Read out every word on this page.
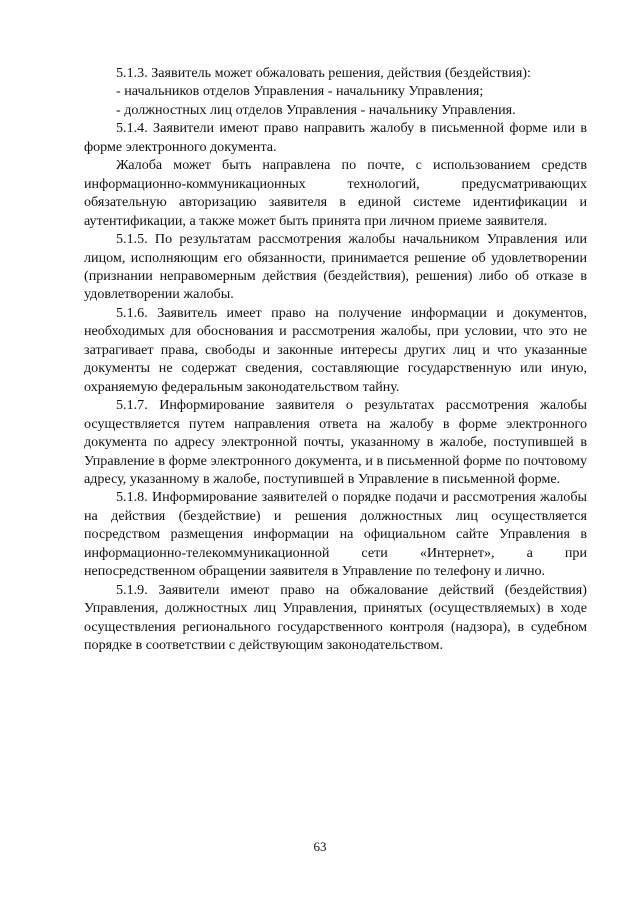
5.1.3. Заявитель может обжаловать решения, действия (бездействия):

- начальников отделов Управления - начальнику Управления;

- должностных лиц отделов Управления - начальнику Управления.

5.1.4. Заявители имеют право направить жалобу в письменной форме или в форме электронного документа.

Жалоба может быть направлена по почте, с использованием средств информационно-коммуникационных технологий, предусматривающих обязательную авторизацию заявителя в единой системе идентификации и аутентификации, а также может быть принята при личном приеме заявителя.

5.1.5. По результатам рассмотрения жалобы начальником Управления или лицом, исполняющим его обязанности, принимается решение об удовлетворении (признании неправомерным действия (бездействия), решения) либо об отказе в удовлетворении жалобы.

5.1.6. Заявитель имеет право на получение информации и документов, необходимых для обоснования и рассмотрения жалобы, при условии, что это не затрагивает права, свободы и законные интересы других лиц и что указанные документы не содержат сведения, составляющие государственную или иную, охраняемую федеральным законодательством тайну.

5.1.7. Информирование заявителя о результатах рассмотрения жалобы осуществляется путем направления ответа на жалобу в форме электронного документа по адресу электронной почты, указанному в жалобе, поступившей в Управление в форме электронного документа, и в письменной форме по почтовому адресу, указанному в жалобе, поступившей в Управление в письменной форме.

5.1.8. Информирование заявителей о порядке подачи и рассмотрения жалобы на действия (бездействие) и решения должностных лиц осуществляется посредством размещения информации на официальном сайте Управления в информационно-телекоммуникационной сети «Интернет», а при непосредственном обращении заявителя в Управление по телефону и лично.

5.1.9. Заявители имеют право на обжалование действий (бездействия) Управления, должностных лиц Управления, принятых (осуществляемых) в ходе осуществления регионального государственного контроля (надзора), в судебном порядке в соответствии с действующим законодательством.

63
